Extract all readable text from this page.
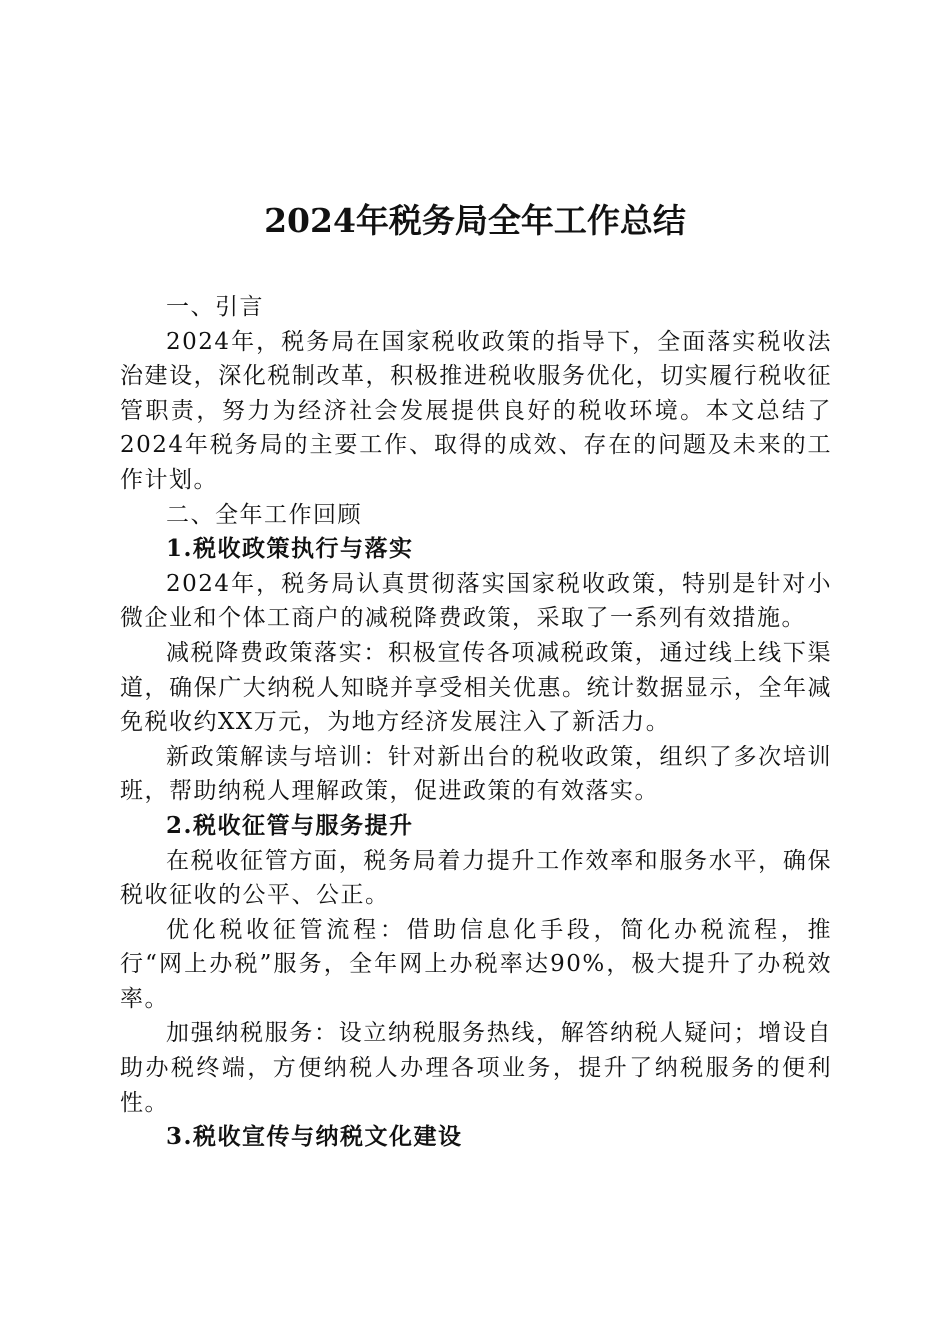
2024年税务局全年工作总结

一、引言

2024年，税务局在国家税收政策的指导下，全面落实税收法治建设，深化税制改革，积极推进税收服务优化，切实履行税收征管职责，努力为经济社会发展提供良好的税收环境。本文总结了2024年税务局的主要工作、取得的成效、存在的问题及未来的工作计划。

二、全年工作回顾

1.税收政策执行与落实

2024年，税务局认真贯彻落实国家税收政策，特别是针对小微企业和个体工商户的减税降费政策，采取了一系列有效措施。

减税降费政策落实：积极宣传各项减税政策，通过线上线下渠道，确保广大纳税人知晓并享受相关优惠。统计数据显示，全年减免税收约XX万元，为地方经济发展注入了新活力。

新政策解读与培训：针对新出台的税收政策，组织了多次培训班，帮助纳税人理解政策，促进政策的有效落实。

2.税收征管与服务提升

在税收征管方面，税务局着力提升工作效率和服务水平，确保税收征收的公平、公正。

优化税收征管流程：借助信息化手段，简化办税流程，推行“网上办税”服务，全年网上办税率达90%，极大提升了办税效率。

加强纳税服务：设立纳税服务热线，解答纳税人疑问；增设自助办税终端，方便纳税人办理各项业务，提升了纳税服务的便利性。

3.税收宣传与纳税文化建设
